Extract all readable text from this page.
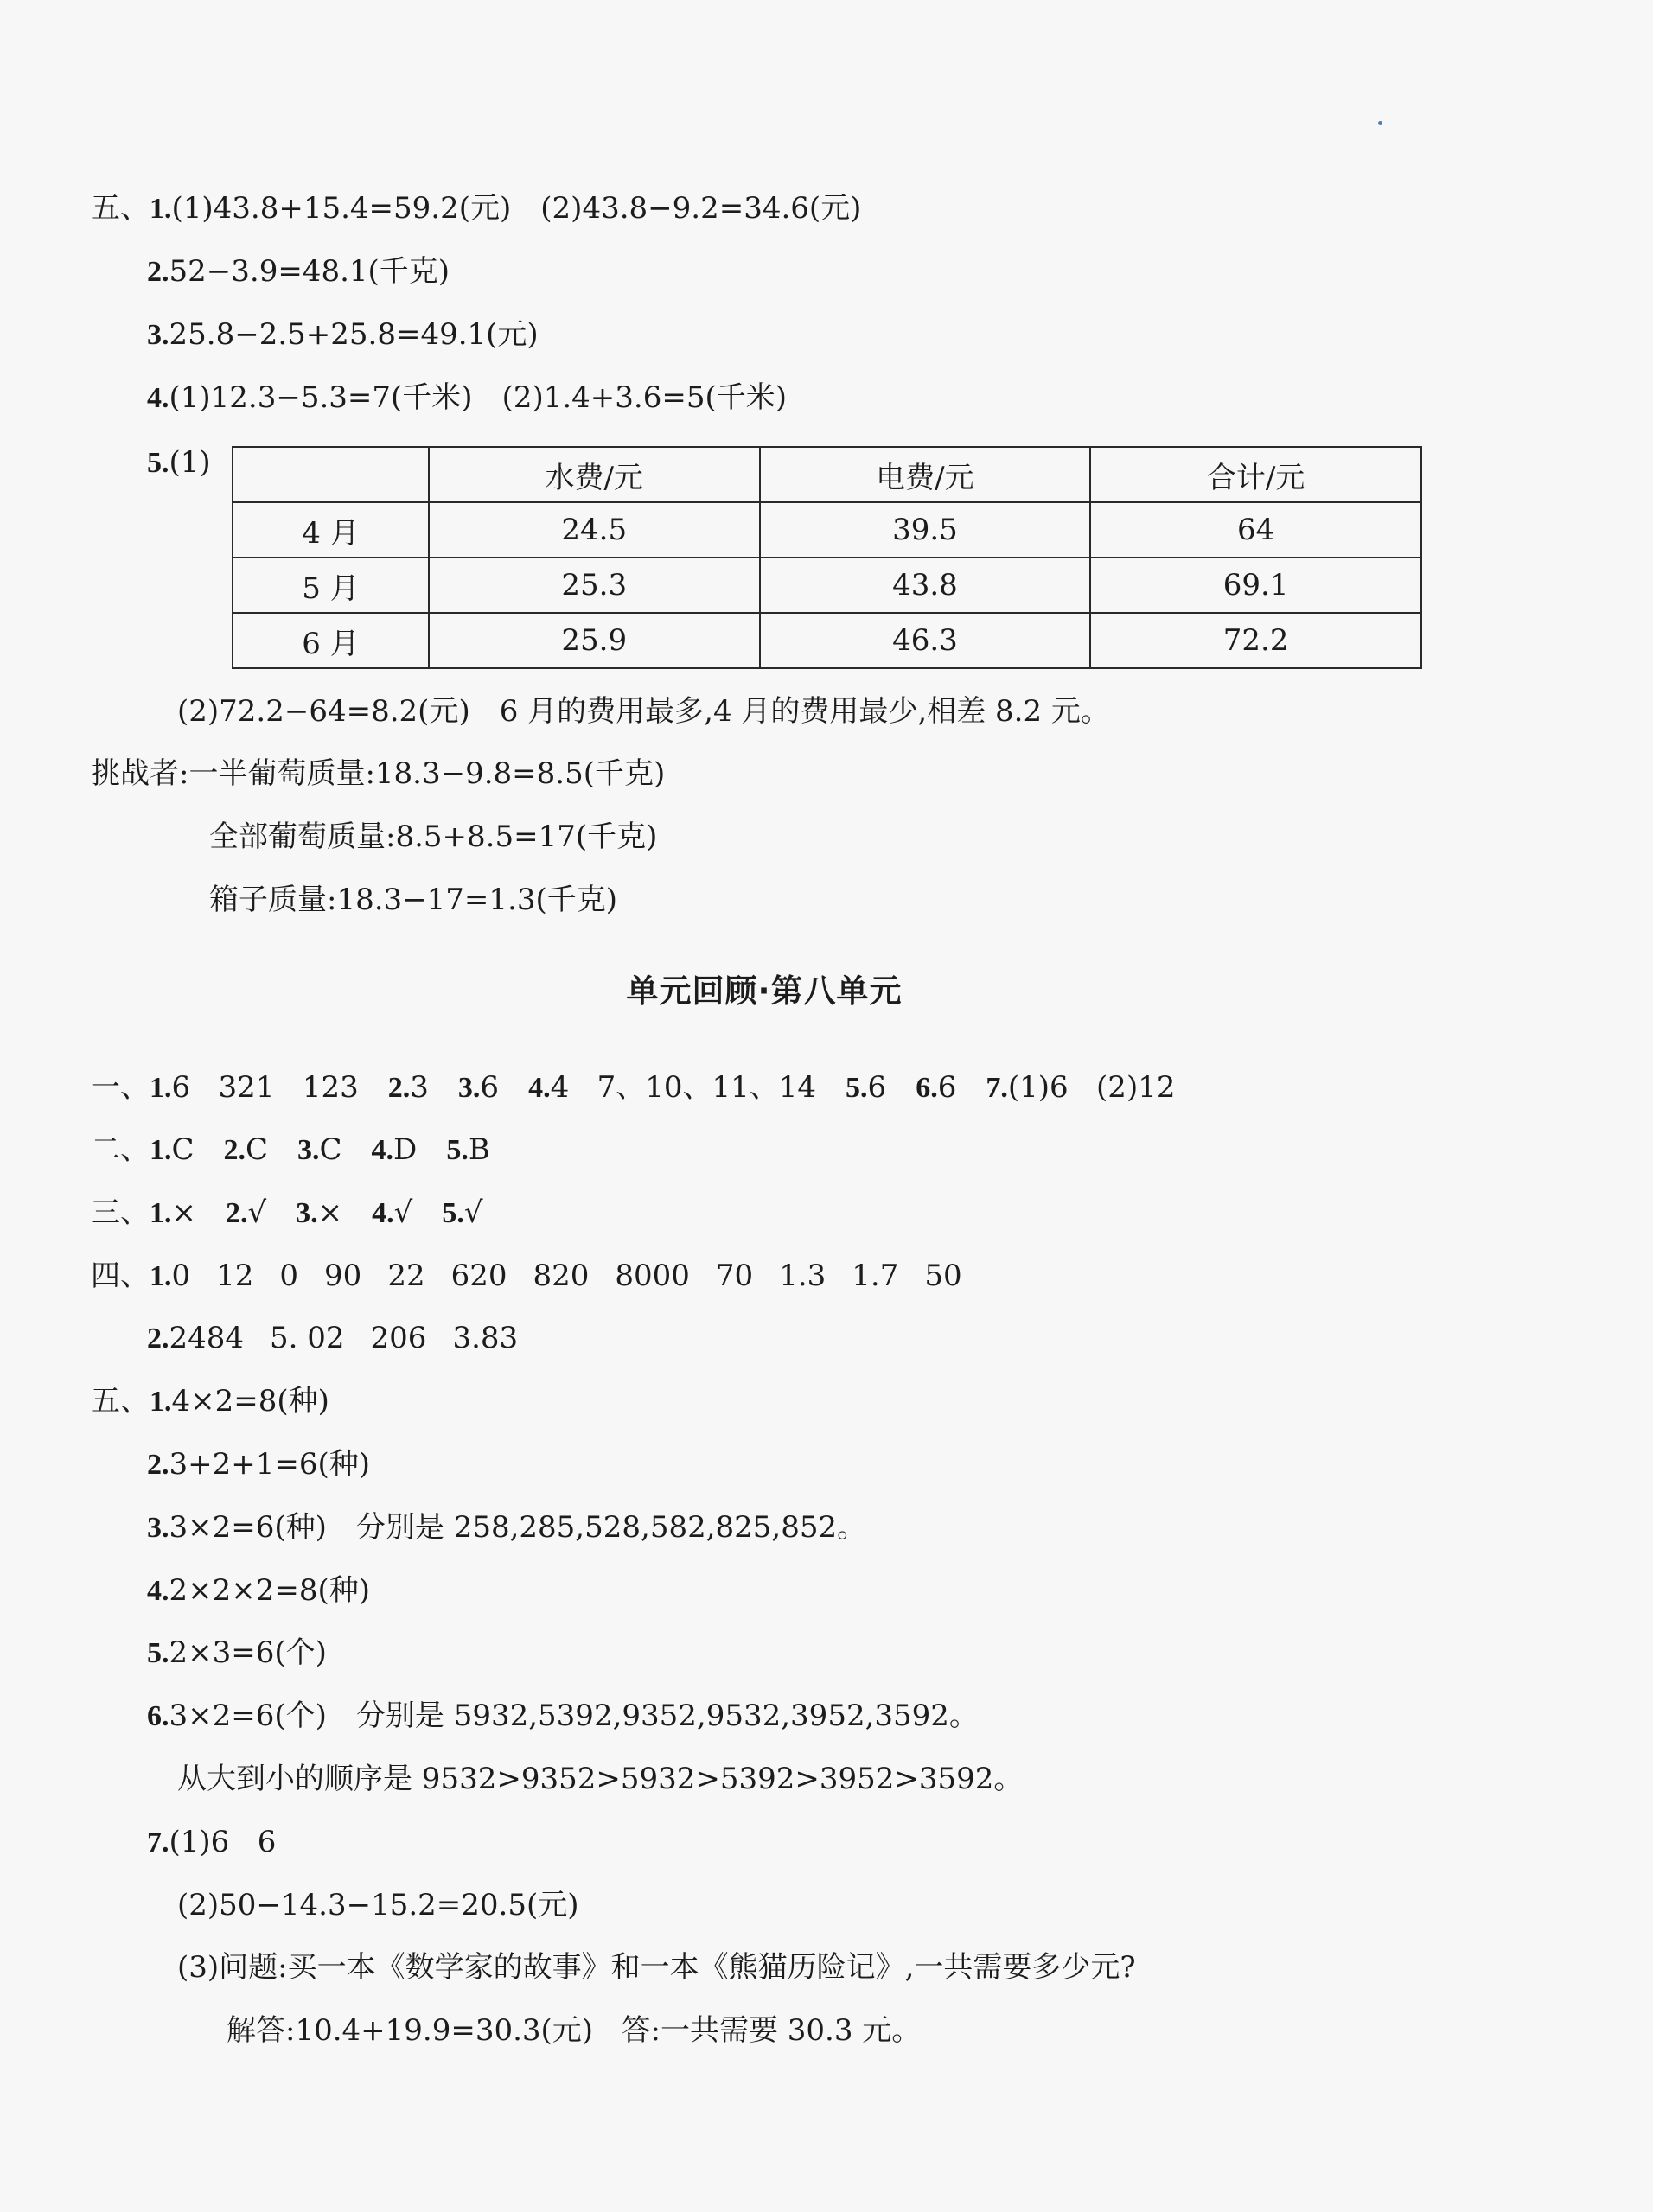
五、1.(1)43.8+15.4=59.2(元) (2)43.8−9.2=34.6(元)
2.52−3.9=48.1(千克)
3.25.8−2.5+25.8=49.1(元)
4.(1)12.3−5.3=7(千米) (2)1.4+3.6=5(千米)
5.(1)
		水费/元	电费/元	合计/元
4 月	24.5	39.5	64
5 月	25.3	43.8	69.1
6 月	25.9	46.3	72.2
(2)72.2−64=8.2(元) 6 月的费用最多,4 月的费用最少,相差 8.2 元。
挑战者:一半葡萄质量:18.3−9.8=8.5(千克)
全部葡萄质量:8.5+8.5=17(千克)
箱子质量:18.3−17=1.3(千克)
单元回顾·第八单元
一、1.6   321   123 2.3 3.6 4.4   7、10、11、14 5.6 6.6 7.(1)6   (2)12
二、1.C 2.C 3.C 4.D 5.B
三、1.× 2.√ 3.× 4.√ 5.√
四、1.0 12 0 90 22 620 820 8000 70 1.3 1.7 50
2.2484 5. 02 206 3.83
五、1.4×2=8(种)
2.3+2+1=6(种)
3.3×2=6(种) 分别是 258,285,528,582,825,852。
4.2×2×2=8(种)
5.2×3=6(个)
6.3×2=6(个) 分别是 5932,5392,9352,9532,3952,3592。
从大到小的顺序是 9532>9352>5932>5392>3952>3592。
7.(1)6   6
(2)50−14.3−15.2=20.5(元)
(3)问题:买一本《数学家的故事》和一本《熊猫历险记》,一共需要多少元?
解答:10.4+19.9=30.3(元)   答:一共需要 30.3 元。
